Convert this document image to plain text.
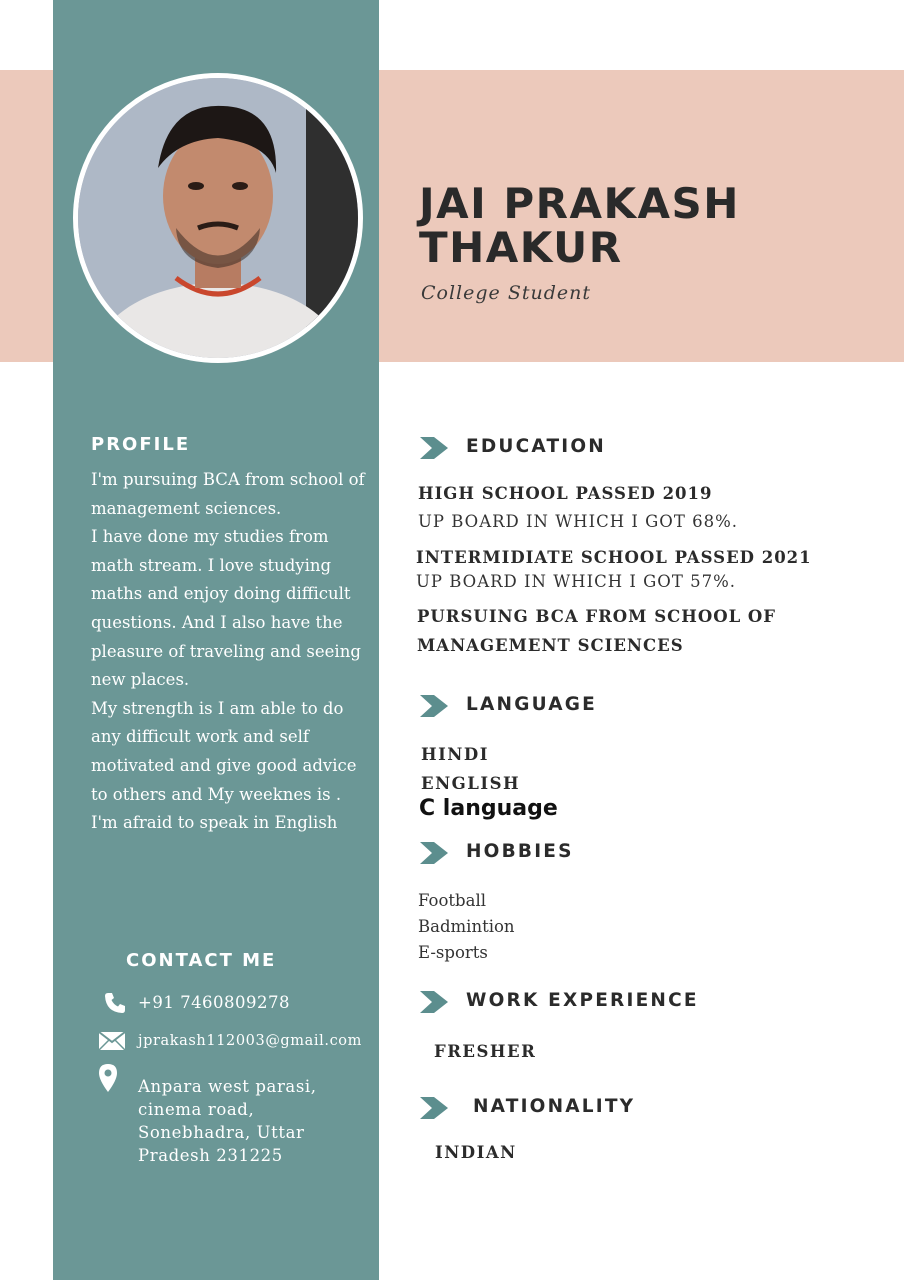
JAI PRAKASH
THAKUR
College Student
PROFILE
I'm pursuing BCA from school of management sciences.
I have done my studies from math stream. I love studying maths and enjoy doing difficult questions. And I also have the pleasure of traveling and seeing new places.
My strength is I am able to do any difficult work and self motivated and give good advice to others and My weeknes is . I'm afraid to speak in English
CONTACT ME
+91 7460809278
jprakash112003@gmail.com
Anpara west parasi,
cinema road,
Sonebhadra, Uttar
Pradesh 231225
EDUCATION
HIGH SCHOOL PASSED 2019
UP BOARD IN WHICH I GOT 68%.
INTERMIDIATE SCHOOL PASSED 2021
UP BOARD IN WHICH I GOT 57%.
PURSUING BCA FROM SCHOOL OF
MANAGEMENT SCIENCES
LANGUAGE
HINDI
ENGLISH
C language
HOBBIES
Football
Badmintion
E-sports
WORK EXPERIENCE
FRESHER
NATIONALITY
INDIAN
